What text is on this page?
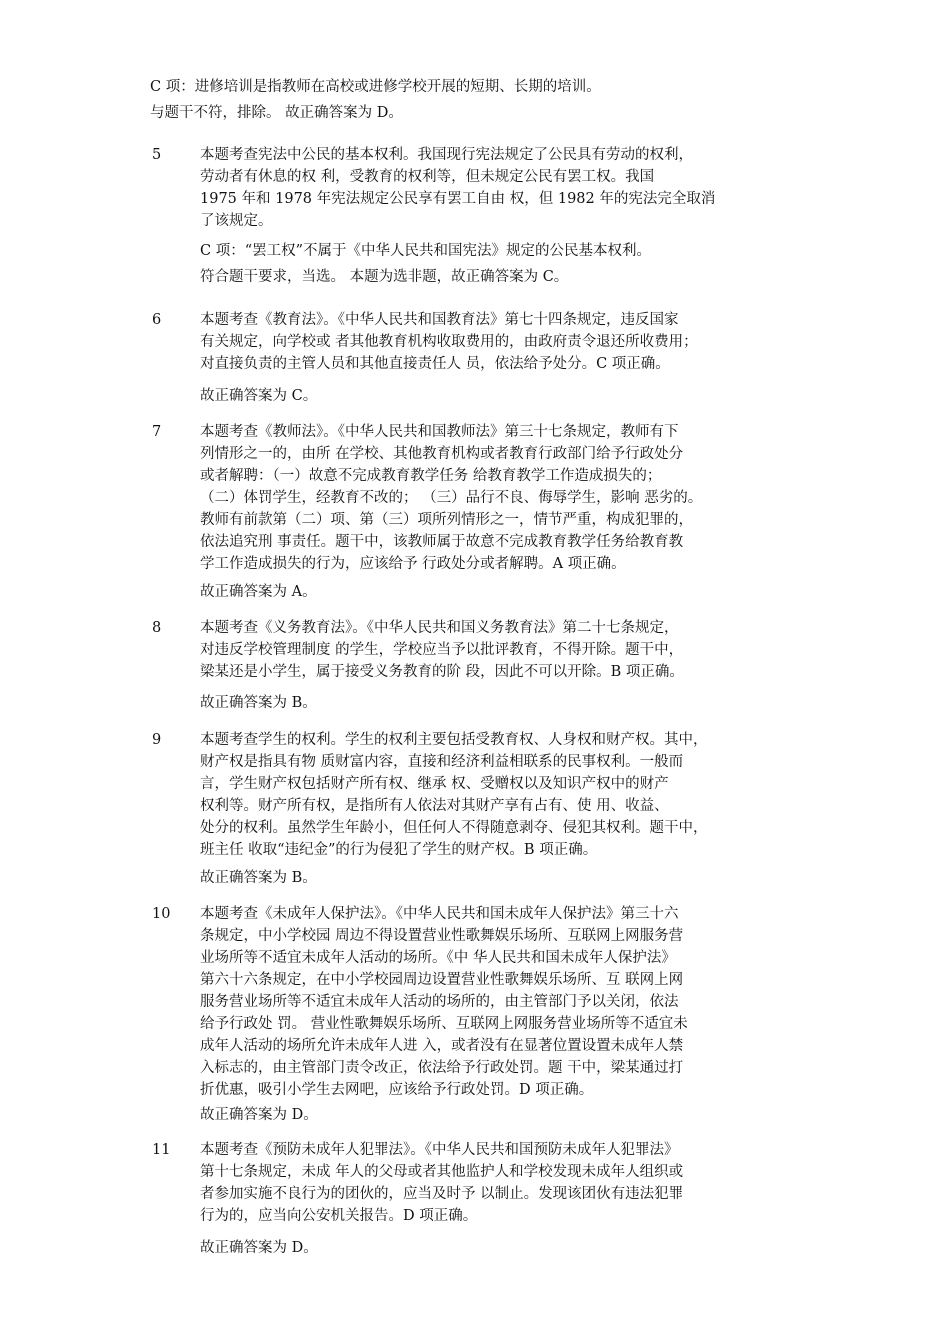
C 项：进修培训是指教师在高校或进修学校开展的短期、长期的培训。
与题干不符，排除。 故正确答案为 D。
5	本题考查宪法中公民的基本权利。我国现行宪法规定了公民具有劳动的权利，

劳动者有休息的权 利，受教育的权利等，但未规定公民有罢工权。我国

1975 年和 1978 年宪法规定公民享有罢工自由 权，但 1982 年的宪法完全取消

了该规定。

C 项：“罢工权”不属于《中华人民共和国宪法》规定的公民基本权利。
符合题干要求，当选。 本题为选非题，故正确答案为 C。
6	本题考查《教育法》。《中华人民共和国教育法》第七十四条规定，违反国家

有关规定，向学校或 者其他教育机构收取费用的，由政府责令退还所收费用；

对直接负责的主管人员和其他直接责任人 员，依法给予处分。C 项正确。

故正确答案为 C。
7	本题考查《教师法》。《中华人民共和国教师法》第三十七条规定，教师有下

列情形之一的，由所 在学校、其他教育机构或者教育行政部门给予行政处分

或者解聘：（一）故意不完成教育教学任务 给教育教学工作造成损失的；

（二）体罚学生，经教育不改的； （三）品行不良、侮辱学生，影响 恶劣的。

教师有前款第（二）项、第（三）项所列情形之一，情节严重，构成犯罪的，

依法追究刑 事责任。题干中，该教师属于故意不完成教育教学任务给教育教

学工作造成损失的行为，应该给予 行政处分或者解聘。A 项正确。

故正确答案为 A。
8	本题考查《义务教育法》。《中华人民共和国义务教育法》第二十七条规定，

对违反学校管理制度 的学生，学校应当予以批评教育，不得开除。题干中，

梁某还是小学生，属于接受义务教育的阶 段，因此不可以开除。B 项正确。

故正确答案为 B。
9	本题考查学生的权利。学生的权利主要包括受教育权、人身权和财产权。其中，

财产权是指具有物 质财富内容，直接和经济利益相联系的民事权利。一般而

言，学生财产权包括财产所有权、继承 权、受赠权以及知识产权中的财产

权利等。财产所有权，是指所有人依法对其财产享有占有、使 用、收益、

处分的权利。虽然学生年龄小，但任何人不得随意剥夺、侵犯其权利。题干中，

班主任 收取“违纪金”的行为侵犯了学生的财产权。B 项正确。

故正确答案为 B。
10 本题考查《未成年人保护法》。《中华人民共和国未成年人保护法》第三十六

条规定，中小学校园 周边不得设置营业性歌舞娱乐场所、互联网上网服务营

业场所等不适宜未成年人活动的场所。《中 华人民共和国未成年人保护法》

第六十六条规定，在中小学校园周边设置营业性歌舞娱乐场所、互 联网上网

服务营业场所等不适宜未成年人活动的场所的，由主管部门予以关闭，依法

给予行政处 罚。 营业性歌舞娱乐场所、互联网上网服务营业场所等不适宜未

成年人活动的场所允许未成年人进 入，或者没有在显著位置设置未成年人禁

入标志的，由主管部门责令改正，依法给予行政处罚。题 干中，梁某通过打

折优惠，吸引小学生去网吧，应该给予行政处罚。D 项正确。

故正确答案为 D。
11 本题考查《预防未成年人犯罪法》。《中华人民共和国预防未成年人犯罪法》

第十七条规定，未成 年人的父母或者其他监护人和学校发现未成年人组织或

者参加实施不良行为的团伙的，应当及时予 以制止。发现该团伙有违法犯罪

行为的，应当向公安机关报告。D 项正确。

故正确答案为 D。
